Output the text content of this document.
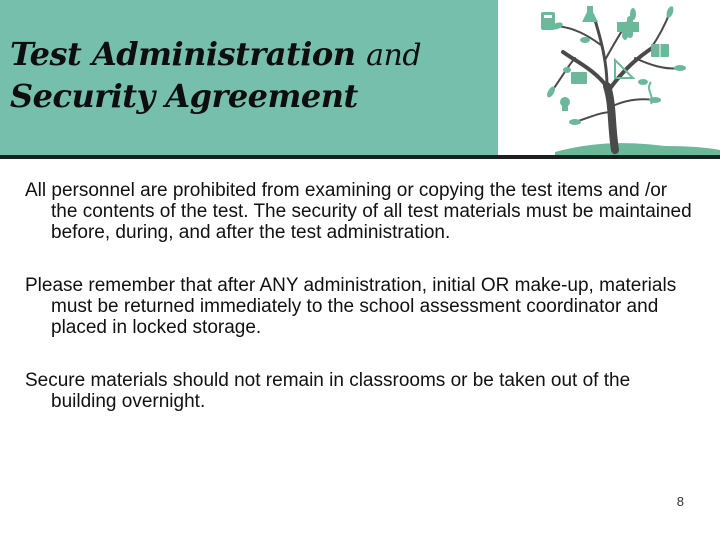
Test Administration and
Security Agreement

All personnel are prohibited from examining or copying the test items and /or the contents of the test. The security of all test materials must be maintained before, during, and after the test administration.

Please remember that after ANY administration, initial OR make-up, materials must be returned immediately to the school assessment coordinator and placed in locked storage.

Secure materials should not remain in classrooms or be taken out of the building overnight.

8
